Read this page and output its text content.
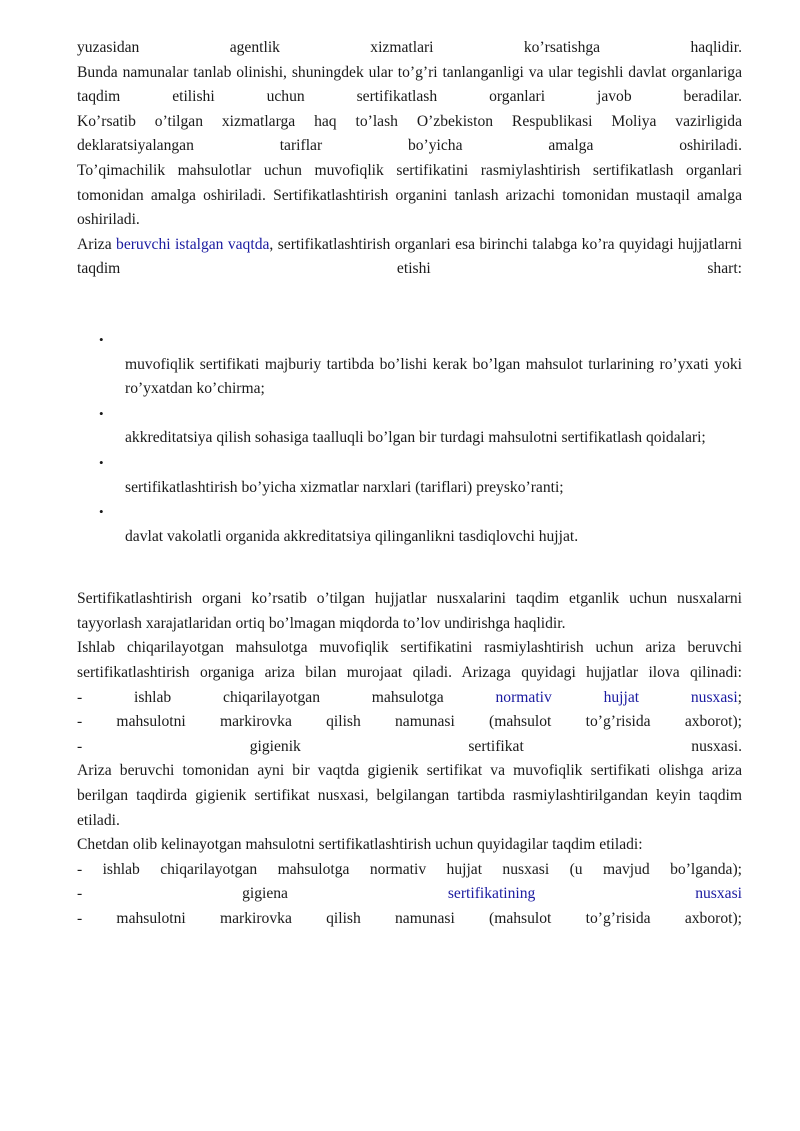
yuzasidan agentlik xizmatlari ko’rsatishga haqlidir.

Bunda namunalar tanlab olinishi, shuningdek ular to’g’ri tanlanganligi va ular tegishli davlat organlariga taqdim etilishi uchun sertifikatlash organlari javob beradilar.

Ko’rsatib o’tilgan xizmatlarga haq to’lash O’zbekiston Respublikasi Moliya vazirligida deklaratsiyalangan tariflar bo’yicha amalga oshiriladi.

To’qimachilik mahsulotlar uchun muvofiqlik sertifikatini rasmiylashtirish sertifikatlash organlari tomonidan amalga oshiriladi. Sertifikatlashtirish organini tanlash arizachi tomonidan mustaqil amalga oshiriladi.

Ariza beruvchi istalgan vaqtda, sertifikatlashtirish organlari esa birinchi talabga ko’ra quyidagi hujjatlarni taqdim etishi shart:

•
muvofiqlik sertifikati majburiy tartibda bo’lishi kerak bo’lgan mahsulot turlarining ro’yxati yoki ro’yxatdan ko’chirma;
•
akkreditatsiya qilish sohasiga taalluqli bo’lgan bir turdagi mahsulotni sertifikatlash qoidalari;
•
sertifikatlashtirish bo’yicha xizmatlar narxlari (tariflari) preysko’ranti;
•
davlat vakolatli organida akkreditatsiya qilinganlikni tasdiqlovchi hujjat.

Sertifikatlashtirish organi ko’rsatib o’tilgan hujjatlar nusxalarini taqdim etganlik uchun nusxalarni tayyorlash xarajatlaridan ortiq bo’lmagan miqdorda to’lov undirishga haqlidir.

Ishlab chiqarilayotgan mahsulotga muvofiqlik sertifikatini rasmiylashtirish uchun ariza beruvchi sertifikatlashtirish organiga ariza bilan murojaat qiladi. Arizaga quyidagi hujjatlar ilova qilinadi:

- ishlab chiqarilayotgan mahsulotga normativ hujjat nusxasi;

- mahsulotni markirovka qilish namunasi (mahsulot to’g’risida axborot);

- gigienik sertifikat nusxasi.

Ariza beruvchi tomonidan ayni bir vaqtda gigienik sertifikat va muvofiqlik sertifikati olishga ariza berilgan taqdirda gigienik sertifikat nusxasi, belgilangan tartibda rasmiylashtirilgandan keyin taqdim etiladi.

Chetdan olib kelinayotgan mahsulotni sertifikatlashtirish uchun quyidagilar taqdim etiladi:

- ishlab chiqarilayotgan mahsulotga normativ hujjat nusxasi (u mavjud bo’lganda);

- gigiena sertifikatining nusxasi

- mahsulotni markirovka qilish namunasi (mahsulot to’g’risida axborot);
